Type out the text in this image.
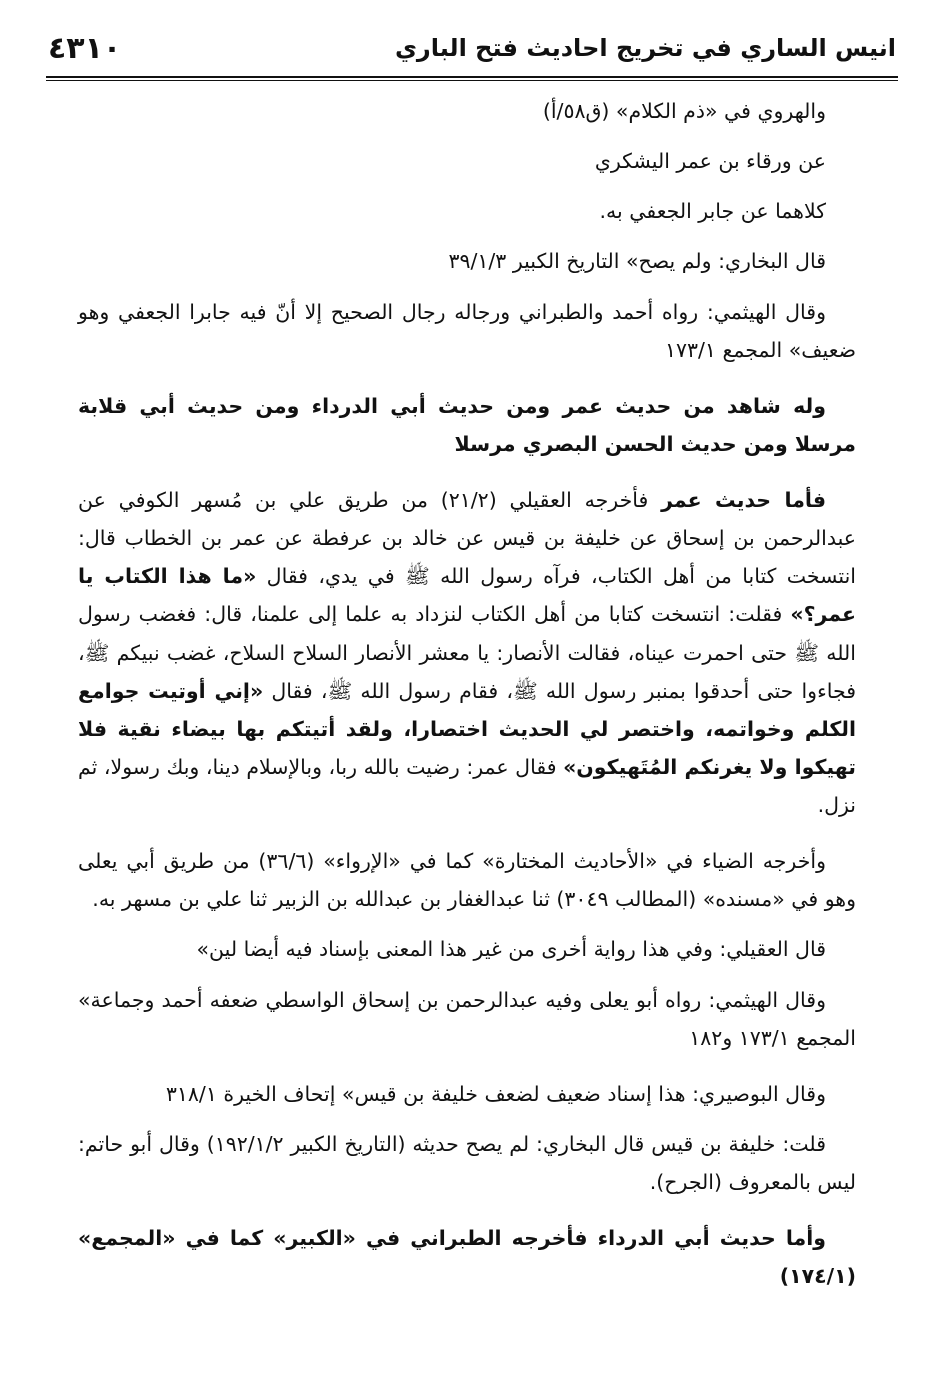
انيس الساري في تخريج احاديث فتح الباري
٤٣١٠

والهروي في «ذم الكلام» (ق٥٨/أ)

عن ورقاء بن عمر اليشكري

كلاهما عن جابر الجعفي به.

قال البخاري: ولم يصح» التاريخ الكبير ٣٩/١/٣

وقال الهيثمي: رواه أحمد والطبراني ورجاله رجال الصحيح إلا أنّ فيه جابرا الجعفي وهو ضعيف» المجمع ١٧٣/١

وله شاهد من حديث عمر ومن حديث أبي الدرداء ومن حديث أبي قلابة مرسلا ومن حديث الحسن البصري مرسلا

فأما حديث عمر فأخرجه العقيلي (٢١/٢) من طريق علي بن مُسهر الكوفي عن عبدالرحمن بن إسحاق عن خليفة بن قيس عن خالد بن عرفطة عن عمر بن الخطاب قال: انتسخت كتابا من أهل الكتاب، فرآه رسول الله ﷺ في يدي، فقال «ما هذا الكتاب يا عمر؟» فقلت: انتسخت كتابا من أهل الكتاب لنزداد به علما إلى علمنا، قال: فغضب رسول الله ﷺ حتى احمرت عيناه، فقالت الأنصار: يا معشر الأنصار السلاح السلاح، غضب نبيكم ﷺ، فجاءوا حتى أحدقوا بمنبر رسول الله ﷺ، فقام رسول الله ﷺ، فقال «إني أوتيت جوامع الكلم وخواتمه، واختصر لي الحديث اختصارا، ولقد أتيتكم بها بيضاء نقية فلا تهيكوا ولا يغرنكم المُتَهيكون» فقال عمر: رضيت بالله ربا، وبالإسلام دينا، وبك رسولا، ثم نزل.

وأخرجه الضياء في «الأحاديث المختارة» كما في «الإرواء» (٣٦/٦) من طريق أبي يعلى وهو في «مسنده» (المطالب ٣٠٤٩) ثنا عبدالغفار بن عبدالله بن الزبير ثنا علي بن مسهر به.

قال العقيلي: وفي هذا رواية أخرى من غير هذا المعنى بإسناد فيه أيضا لين»

وقال الهيثمي: رواه أبو يعلى وفيه عبدالرحمن بن إسحاق الواسطي ضعفه أحمد وجماعة» المجمع ١٧٣/١ و١٨٢

وقال البوصيري: هذا إسناد ضعيف لضعف خليفة بن قيس» إتحاف الخيرة ٣١٨/١

قلت: خليفة بن قيس قال البخاري: لم يصح حديثه (التاريخ الكبير ١٩٢/١/٢) وقال أبو حاتم: ليس بالمعروف (الجرح).

وأما حديث أبي الدرداء فأخرجه الطبراني في «الكبير» كما في «المجمع» (١٧٤/١)
